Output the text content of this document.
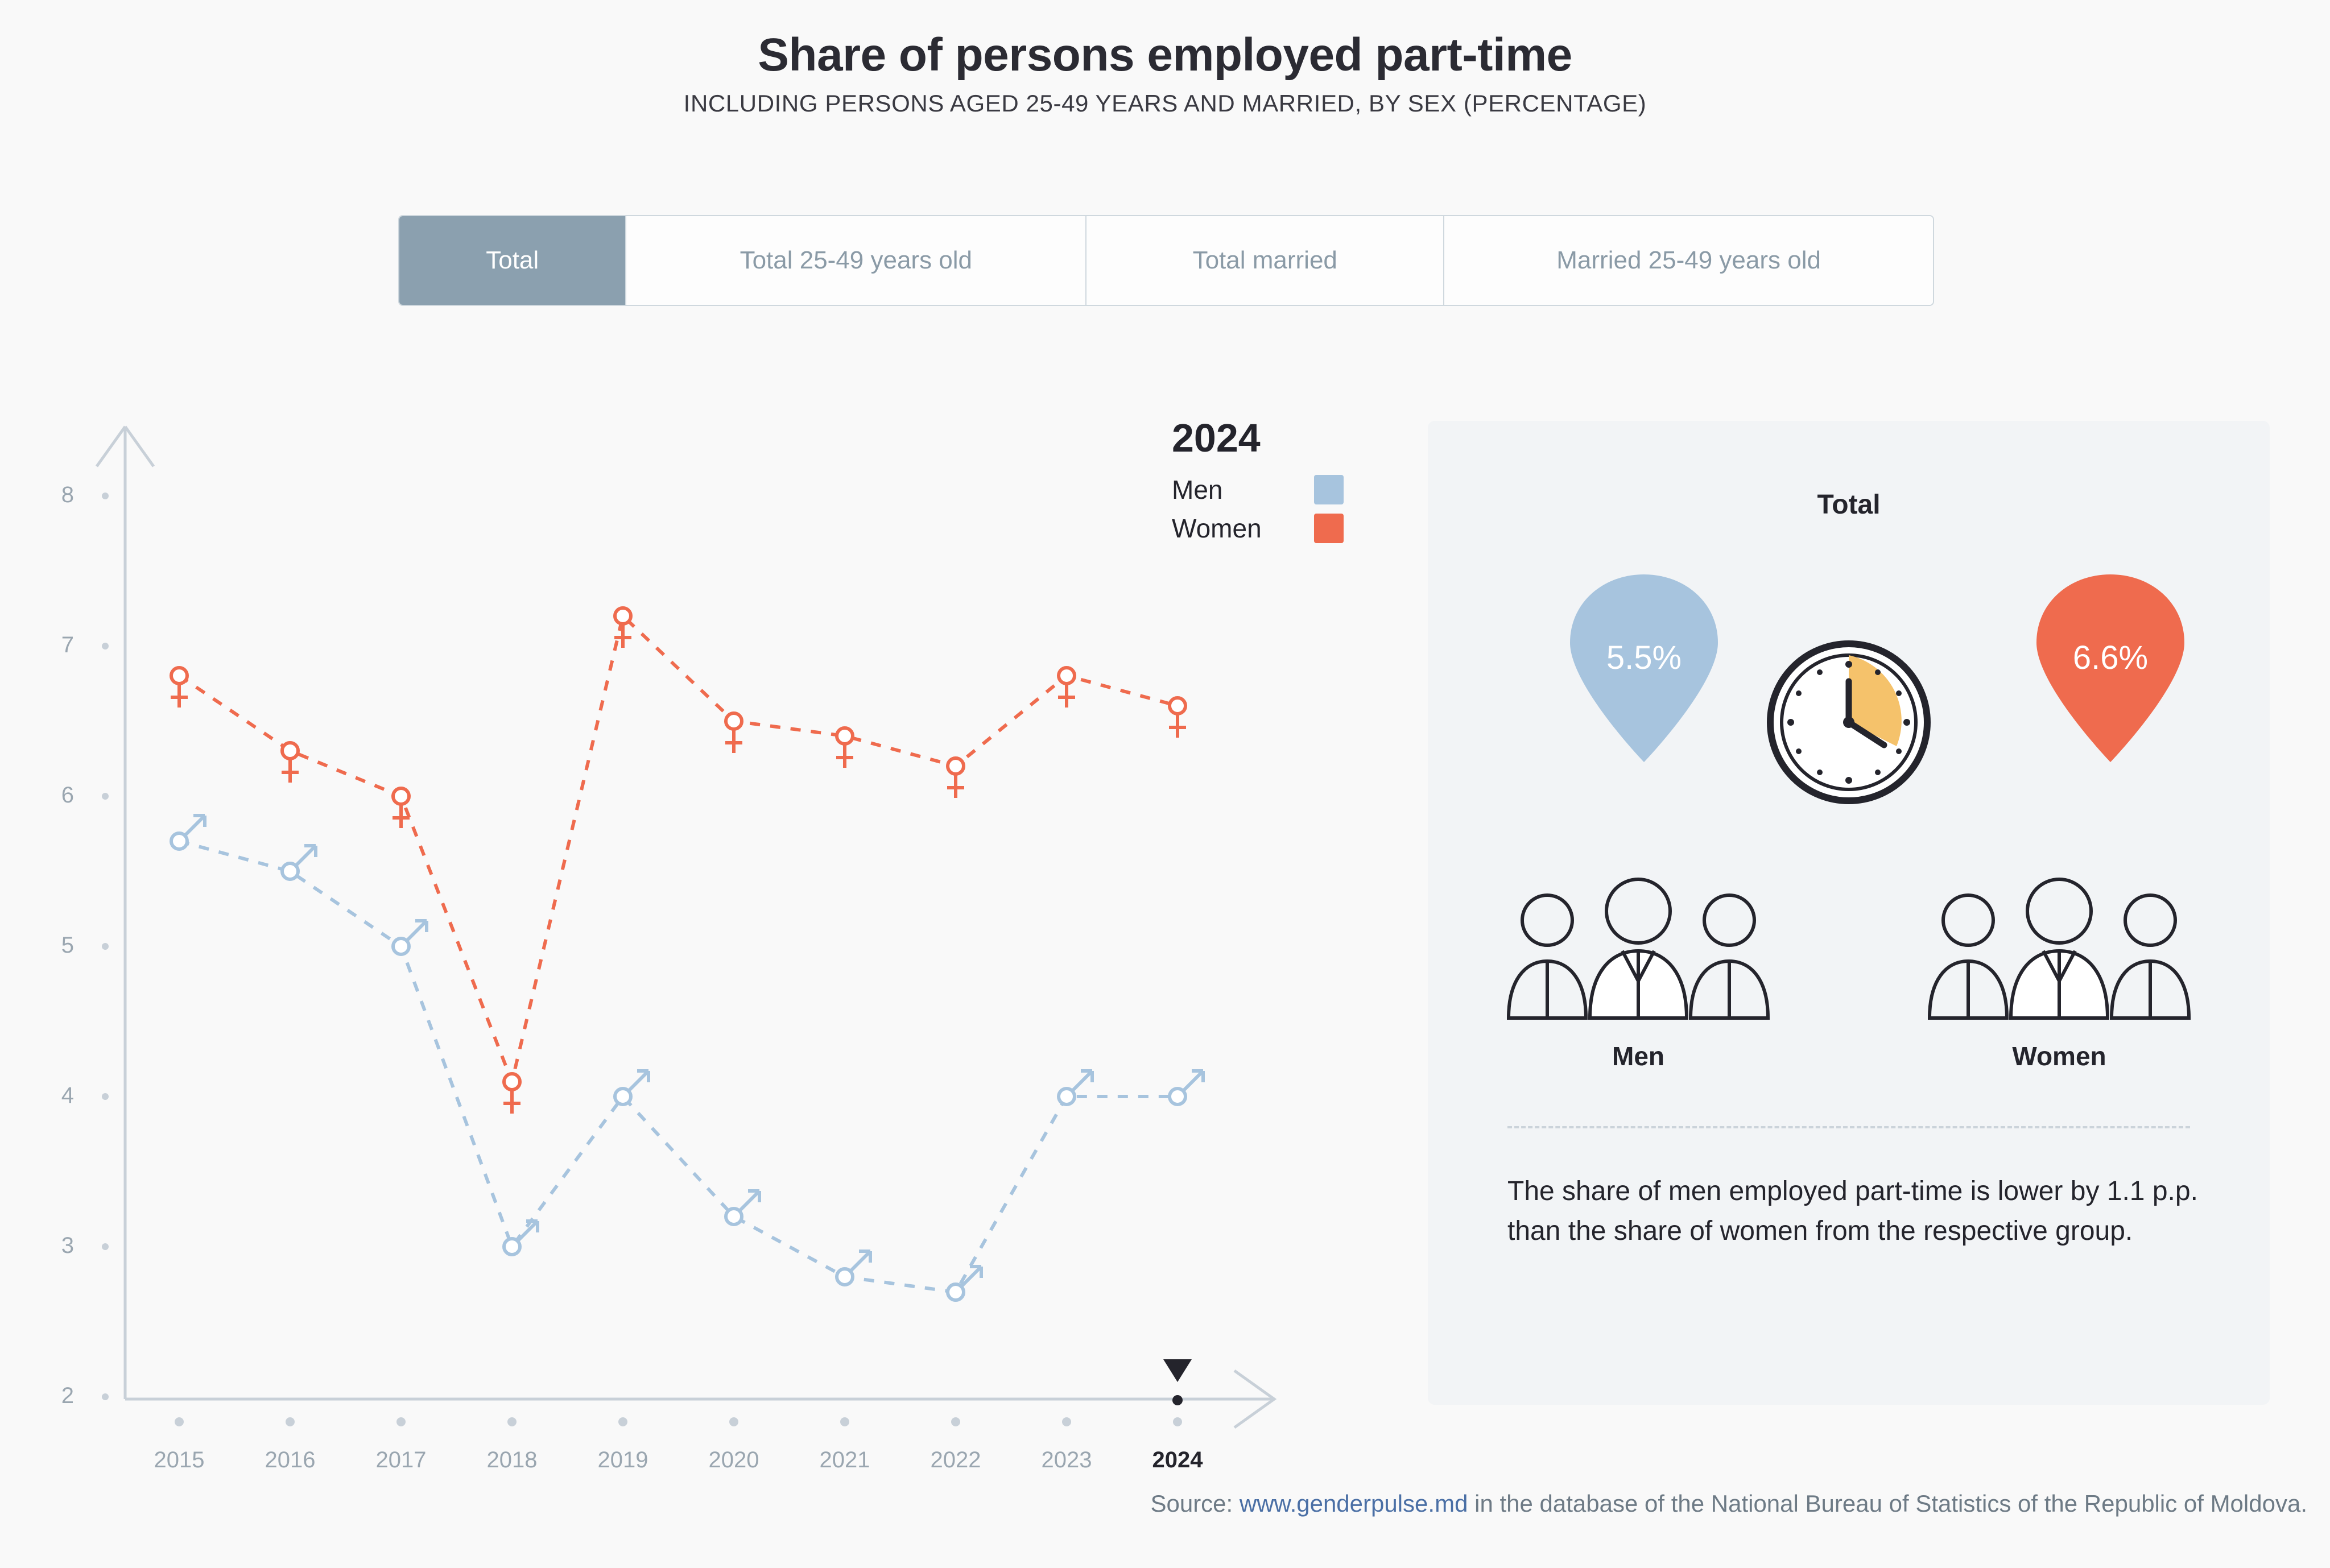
Share of persons employed part-time
INCLUDING PERSONS AGED 25-49 YEARS AND MARRIED, BY SEX (PERCENTAGE)
Total	Total 25-49 years old	Total married	Married 25-49 years old
8
7
6
5
4
3
2
2015	2016	2017	2018	2019	2020	2021	2022	2023	2024
2024
Men
Women
Total
5.5%	6.6%
Men	Women
The share of men employed part-time is lower by 1.1 p.p. than the share of women from the respective group.
Source: www.genderpulse.md in the database of the National Bureau of Statistics of the Republic of Moldova.
